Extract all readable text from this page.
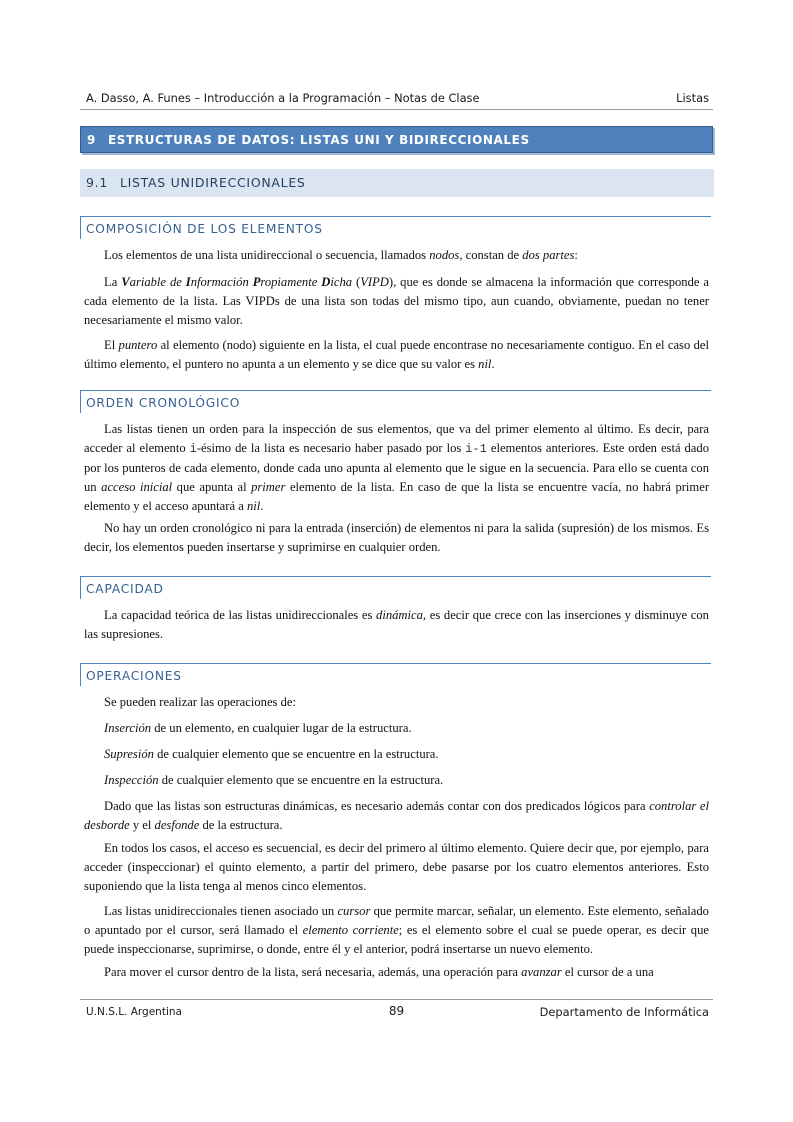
A. Dasso, A. Funes – Introducción a la Programación – Notas de Clase	Listas
9 ESTRUCTURAS DE DATOS: LISTAS UNI Y BIDIRECCIONALES
9.1 LISTAS UNIDIRECCIONALES
COMPOSICIÓN DE LOS ELEMENTOS

Los elementos de una lista unidireccional o secuencia, llamados nodos, constan de dos partes:

La Variable de Información Propiamente Dicha (VIPD), que es donde se almacena la información que corresponde a cada elemento de la lista. Las VIPDs de una lista son todas del mismo tipo, aun cuando, obviamente, puedan no tener necesariamente el mismo valor.

El puntero al elemento (nodo) siguiente en la lista, el cual puede encontrase no necesariamente contiguo. En el caso del último elemento, el puntero no apunta a un elemento y se dice que su valor es nil.

ORDEN CRONOLÓGICO

Las listas tienen un orden para la inspección de sus elementos, que va del primer elemento al último. Es decir, para acceder al elemento i-ésimo de la lista es necesario haber pasado por los i-1 elementos anteriores. Este orden está dado por los punteros de cada elemento, donde cada uno apunta al elemento que le sigue en la secuencia. Para ello se cuenta con un acceso inicial que apunta al primer elemento de la lista. En caso de que la lista se encuentre vacía, no habrá primer elemento y el acceso apuntará a nil.

No hay un orden cronológico ni para la entrada (inserción) de elementos ni para la salida (supresión) de los mismos. Es decir, los elementos pueden insertarse y suprimirse en cualquier orden.

CAPACIDAD

La capacidad teórica de las listas unidireccionales es dinámica, es decir que crece con las inserciones y disminuye con las supresiones.

OPERACIONES

Se pueden realizar las operaciones de:

Inserción de un elemento, en cualquier lugar de la estructura.

Supresión de cualquier elemento que se encuentre en la estructura.

Inspección de cualquier elemento que se encuentre en la estructura.

Dado que las listas son estructuras dinámicas, es necesario además contar con dos predicados lógicos para controlar el desborde y el desfonde de la estructura.

En todos los casos, el acceso es secuencial, es decir del primero al último elemento. Quiere decir que, por ejemplo, para acceder (inspeccionar) el quinto elemento, a partir del primero, debe pasarse por los cuatro elementos anteriores. Esto suponiendo que la lista tenga al menos cinco elementos.

Las listas unidireccionales tienen asociado un cursor que permite marcar, señalar, un elemento. Este elemento, señalado o apuntado por el cursor, será llamado el elemento corriente; es el elemento sobre el cual se puede operar, es decir que puede inspeccionarse, suprimirse, o donde, entre él y el anterior, podrá insertarse un nuevo elemento.

Para mover el cursor dentro de la lista, será necesaria, además, una operación para avanzar el cursor de a una

U.N.S.L. Argentina	89	Departamento de Informática
